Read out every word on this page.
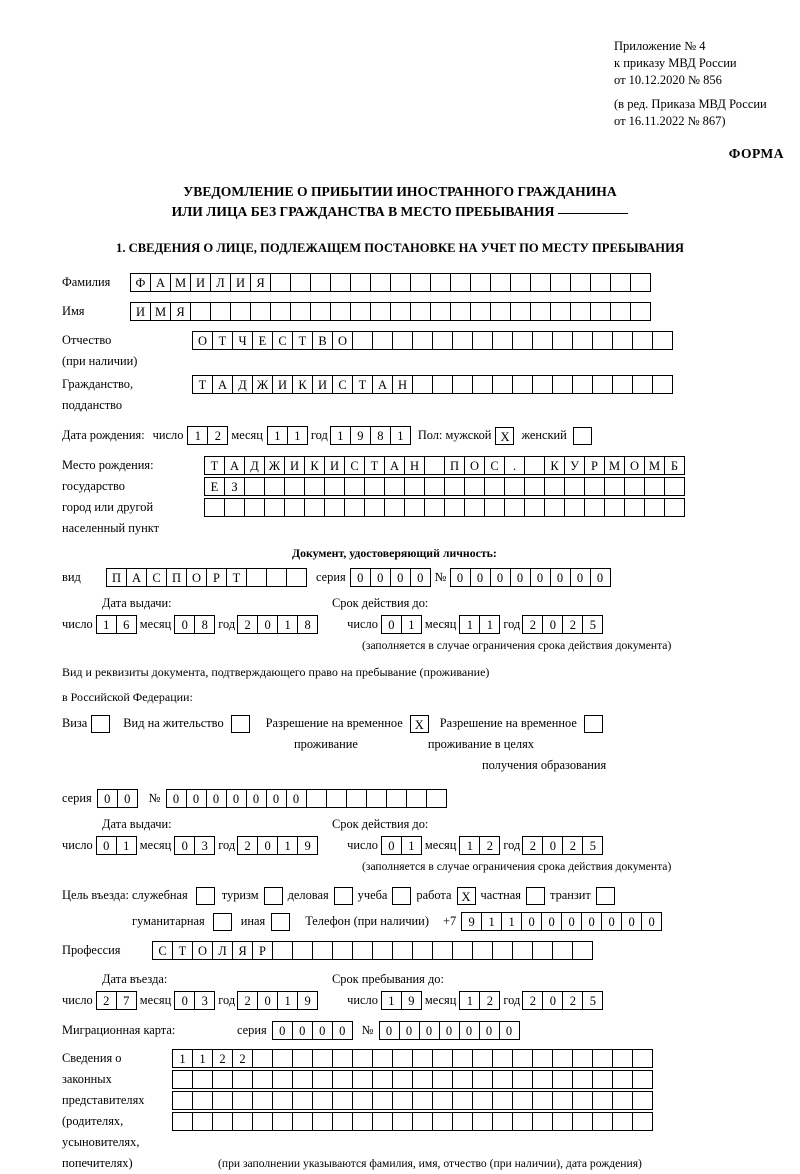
Приложение № 4
к приказу МВД России
от 10.12.2020 № 856
(в ред. Приказа МВД России
от 16.11.2022 № 867)
ФОРМА
УВЕДОМЛЕНИЕ О ПРИБЫТИИ ИНОСТРАННОГО ГРАЖДАНИНА
ИЛИ ЛИЦА БЕЗ ГРАЖДАНСТВА В МЕСТО ПРЕБЫВАНИЯ
1. СВЕДЕНИЯ О ЛИЦЕ, ПОДЛЕЖАЩЕМ ПОСТАНОВКЕ НА УЧЕТ ПО МЕСТУ ПРЕБЫВАНИЯ
Фамилия	Ф А М И Л И Я
Имя	И М Я
Отчество	О Т Ч Е С Т В О
(при наличии)
Гражданство,	Т А Д Ж И К И С Т А Н
подданство
Дата рождения: число 1	2 месяц 1	1 год 1	9	8	1	Пол: мужской X женский
Место рождения:	Т А Д Ж И К И С Т А Н	П О С	.	К У Р М О М Б
государство	Е	З
город или другой
населенный пункт
Документ, удостоверяющий личность:
вид	П А С П О Р	Т	серия 0	0	0	0 № 0	0	0	0	0	0	0	0
Дата выдачи:	Срок действия до:
число 1	6 месяц 0	8 год 2	0	1	8	число 0	1 месяц 1	1 год 2	0	2	5
(заполняется в случае ограничения срока действия документа)
Вид и реквизиты документа, подтверждающего право на пребывание (проживание)
в Российской Федерации:
Виза	Вид на жительство	Разрешение на временное X	Разрешение на временное
проживание	проживание в целях
получения образования
серия 0	0	№ 0	0	0	0	0	0	0
Дата выдачи:	Срок действия до:
число 0	1 месяц 0	3 год 2	0	1	9	число 0	1 месяц 1	2 год 2	0	2	5
(заполняется в случае ограничения срока действия документа)
Цель въезда: служебная	туризм деловая учеба работа X частная транзит
гуманитарная	иная	Телефон (при наличии) +7 9	1	1	0	0	0	0	0	0	0
Профессия	С Т О Л Я Р
Дата въезда:	Срок пребывания до:
число 2	7 месяц 0	3 год 2	0	1	9	число 1	9 месяц 1	2 год 2	0	2	5
Миграционная карта:	серия 0	0	0	0	№ 0	0	0	0	0	0	0
Сведения о	1	1	2	2
законных
представителях
(родителях,
усыновителях,
попечителях)	(при заполнении указываются фамилия, имя, отчество (при наличии), дата рождения)
